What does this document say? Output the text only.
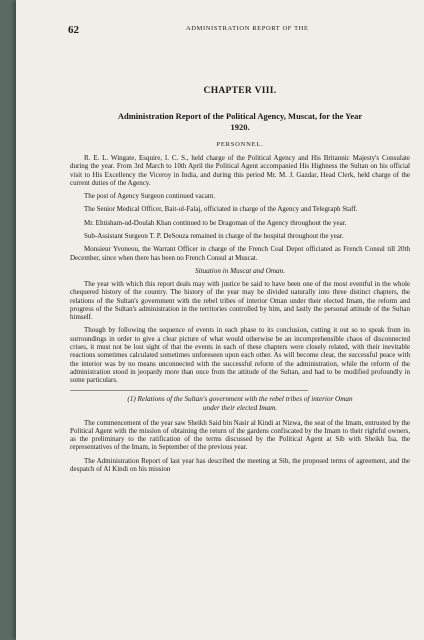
62	ADMINISTRATION REPORT OF THE
CHAPTER VIII.
Administration Report of the Political Agency, Muscat, for the Year
1920.
PERSONNEL.

R. E. L. Wingate, Esquire, I. C. S., held charge of the Political Agency and His Britannic Majesty's Consulate during the year. From 3rd March to 10th April the Political Agent accompanied His Highness the Sultan on his official visit to His Excellency the Viceroy in India, and during this period Mr. M. J. Gazdar, Head Clerk, held charge of the current duties of the Agency.

The post of Agency Surgeon continued vacant.

The Senior Medical Officer, Bait-ul-Falaj, officiated in charge of the Agency and Telegraph Staff.

Mr. Ehtisham-ud-Doulah Khan continued to be Dragoman of the Agency throughout the year.

Sub-Assistant Surgeon T. P. DeSouza remained in charge of the hospital throughout the year.

Monsieur Yvoneou, the Warrant Officer in charge of the French Coal Depot officiated as French Consul till 20th December, since when there has been no French Consul at Muscat.

Situation in Muscat and Oman.

The year with which this report deals may with justice be said to have been one of the most eventful in the whole chequered history of the country. The history of the year may be divided naturally into three distinct chapters, the relations of the Sultan's government with the rebel tribes of interior Oman under their elected Imam, the reform and progress of the Sultan's administration in the territories controlled by him, and lastly the personal attitude of the Sultan himself.

Though by following the sequence of events in each phase to its conclusion, cutting it out so to speak from its surroundings in order to give a clear picture of what would otherwise be an incomprehensible chaos of disconnected crises, it must not be lost sight of that the events in each of these chapters were closely related, with their inevitable reactions sometimes calculated sometimes unforeseen upon each other. As will become clear, the successful peace with the interior was by no means unconnected with the successful reform of the administration, while the reform of the administration stood in jeopardy more than once from the attitude of the Sultan, and had to be modified profoundly in some particulars.

(1) Relations of the Sultan's government with the rebel tribes of interior Oman
under their elected Imam.

The commencement of the year saw Sheikh Said bin Nasir al Kindi at Nizwa, the seat of the Imam, entrusted by the Political Agent with the mission of obtaining the return of the gardens confiscated by the Imam to their rightful owners, as the preliminary to the ratification of the terms discussed by the Political Agent at Sib with Sheikh Isa, the representatives of the Imam, in September of the previous year.

The Administration Report of last year has described the meeting at Sib, the proposed terms of agreement, and the despatch of Al Kindi on his mission
